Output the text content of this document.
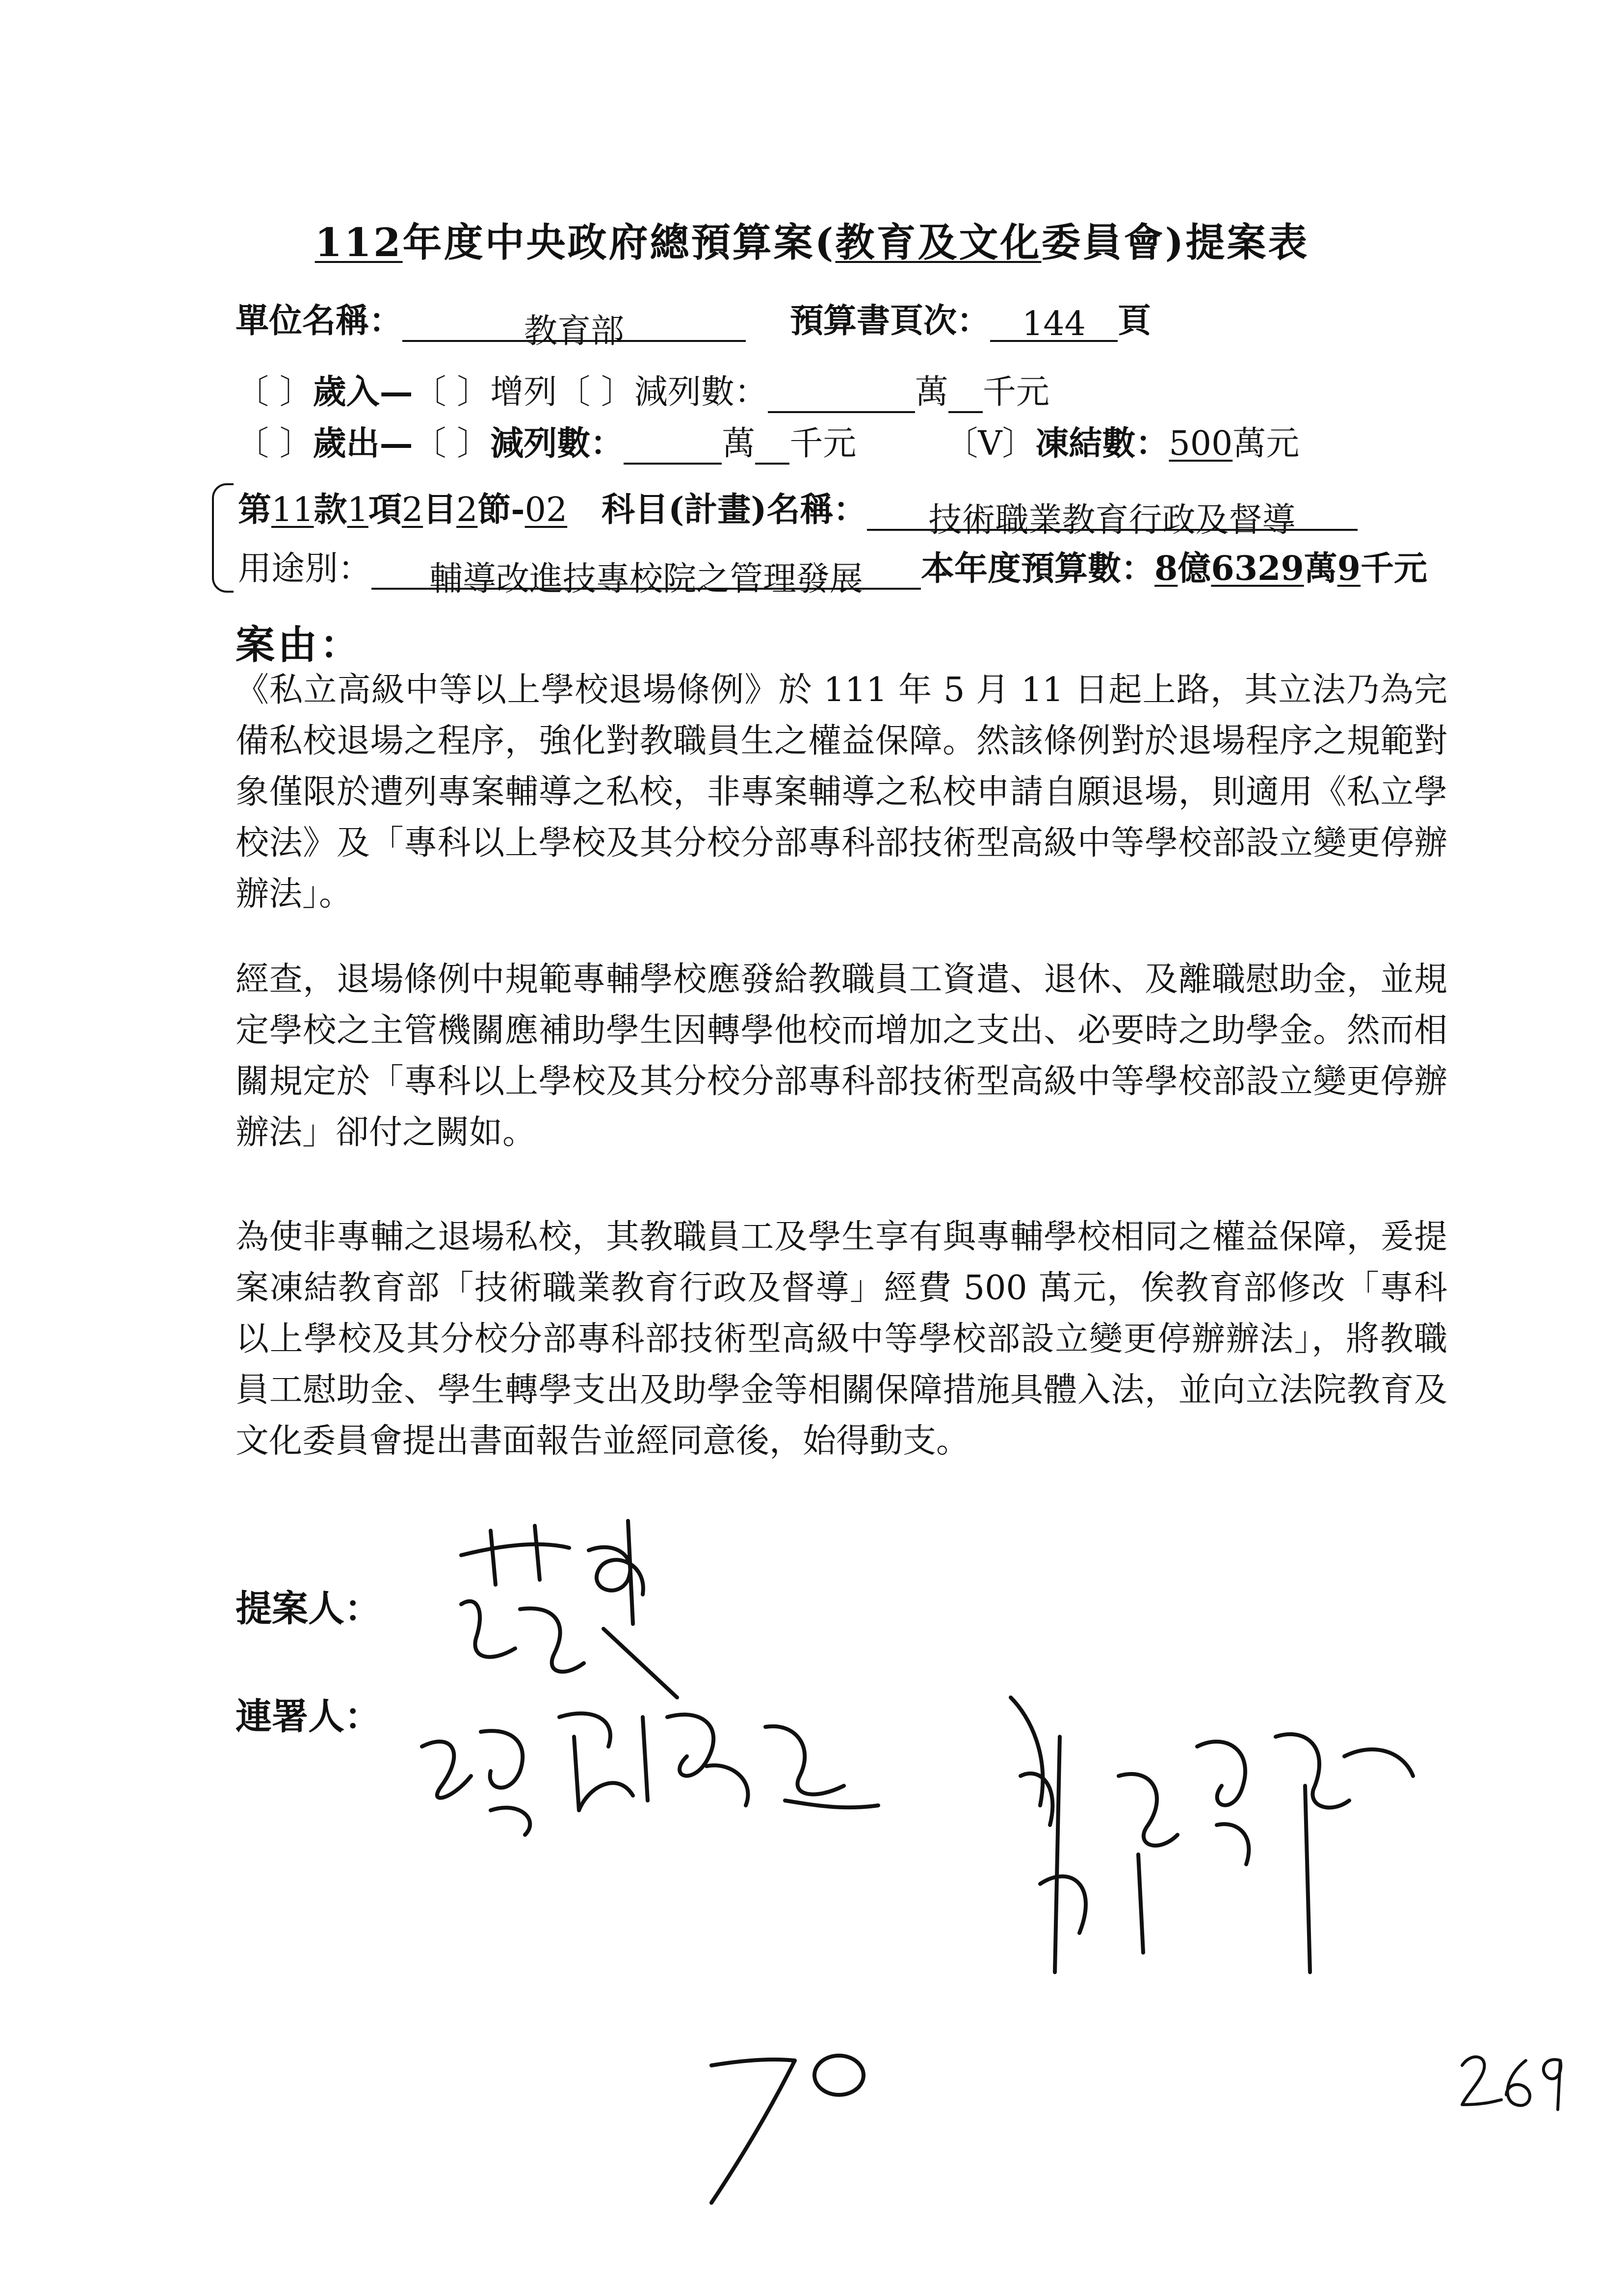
112年度中央政府總預算案(教育及文化委員會)提案表
單位名稱：	教育部	預算書頁次： 144 頁
〔 〕歲入—〔 〕增列〔 〕減列數：	萬 千元
〔 〕歲出—〔 〕減列數：	萬 千元	〔V〕凍結數：500萬元
第11款1項2目2節-02 科目(計畫)名稱： 技術職業教育行政及督導
用途別： 輔導改進技專校院之管理發展 本年度預算數：8億6329萬9千元
案由：
《私立高級中等以上學校退場條例》於 111 年 5 月 11 日起上路，其立法乃為完備私校退場之程序，強化對教職員生之權益保障。然該條例對於退場程序之規範對象僅限於遭列專案輔導之私校，非專案輔導之私校申請自願退場，則適用《私立學校法》及「專科以上學校及其分校分部專科部技術型高級中等學校部設立變更停辦辦法」。
經查，退場條例中規範專輔學校應發給教職員工資遣、退休、及離職慰助金，並規定學校之主管機關應補助學生因轉學他校而增加之支出、必要時之助學金。然而相關規定於「專科以上學校及其分校分部專科部技術型高級中等學校部設立變更停辦辦法」卻付之闕如。
為使非專輔之退場私校，其教職員工及學生享有與專輔學校相同之權益保障，爰提案凍結教育部「技術職業教育行政及督導」經費 500 萬元，俟教育部修改「專科以上學校及其分校分部專科部技術型高級中等學校部設立變更停辦辦法」，將教職員工慰助金、學生轉學支出及助學金等相關保障措施具體入法，並向立法院教育及文化委員會提出書面報告並經同意後，始得動支。
提案人：
連署人：
